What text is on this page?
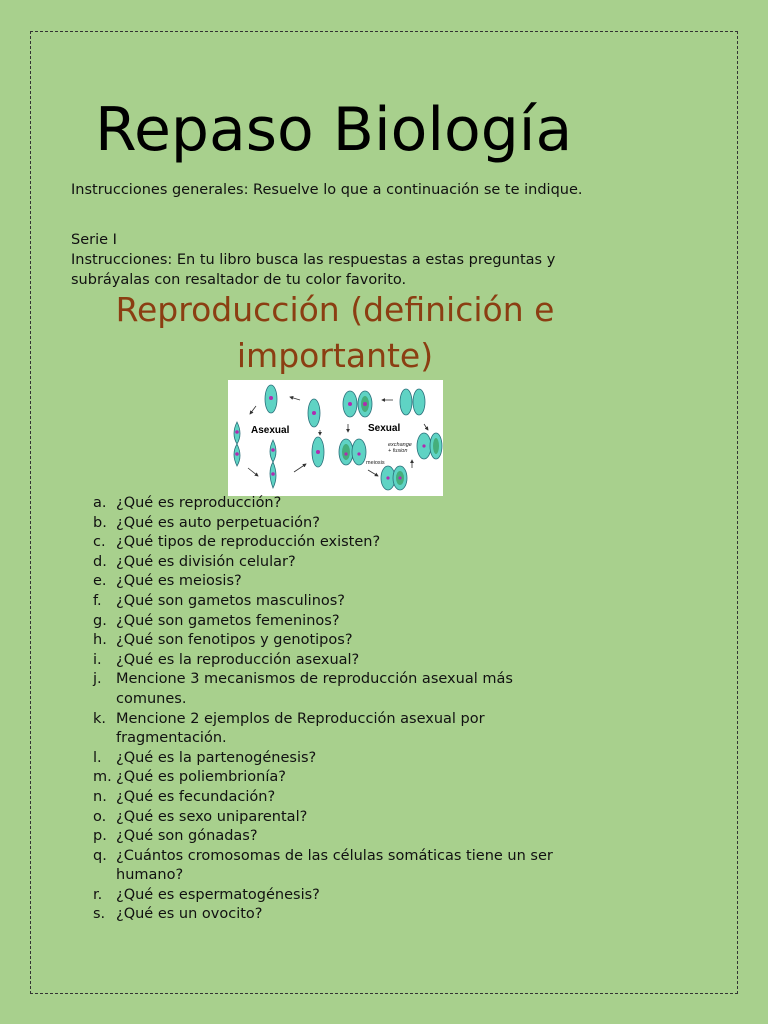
Repaso Biología
Instrucciones generales: Resuelve lo que a continuación se te indique.
Serie I
Instrucciones: En tu libro busca las respuestas a estas preguntas y subráyalas con resaltador de tu color favorito.
Reproducción (definición e importante)
Asexual	Sexual
exchange
+ fusion
meiosis
a. ¿Qué es reproducción?
b. ¿Qué es auto perpetuación?
c. ¿Qué tipos de reproducción existen?
d. ¿Qué es división celular?
e. ¿Qué es meiosis?
f. ¿Qué son gametos masculinos?
g. ¿Qué son gametos femeninos?
h. ¿Qué son fenotipos y genotipos?
i. ¿Qué es la reproducción asexual?
j. Mencione 3 mecanismos de reproducción asexual más comunes.
k. Mencione 2 ejemplos de Reproducción asexual por fragmentación.
l. ¿Qué es la partenogénesis?
m. ¿Qué es poliembrionía?
n. ¿Qué es fecundación?
o. ¿Qué es sexo uniparental?
p. ¿Qué son gónadas?
q. ¿Cuántos cromosomas de las células somáticas tiene un ser humano?
r. ¿Qué es espermatogénesis?
s. ¿Qué es un ovocito?
